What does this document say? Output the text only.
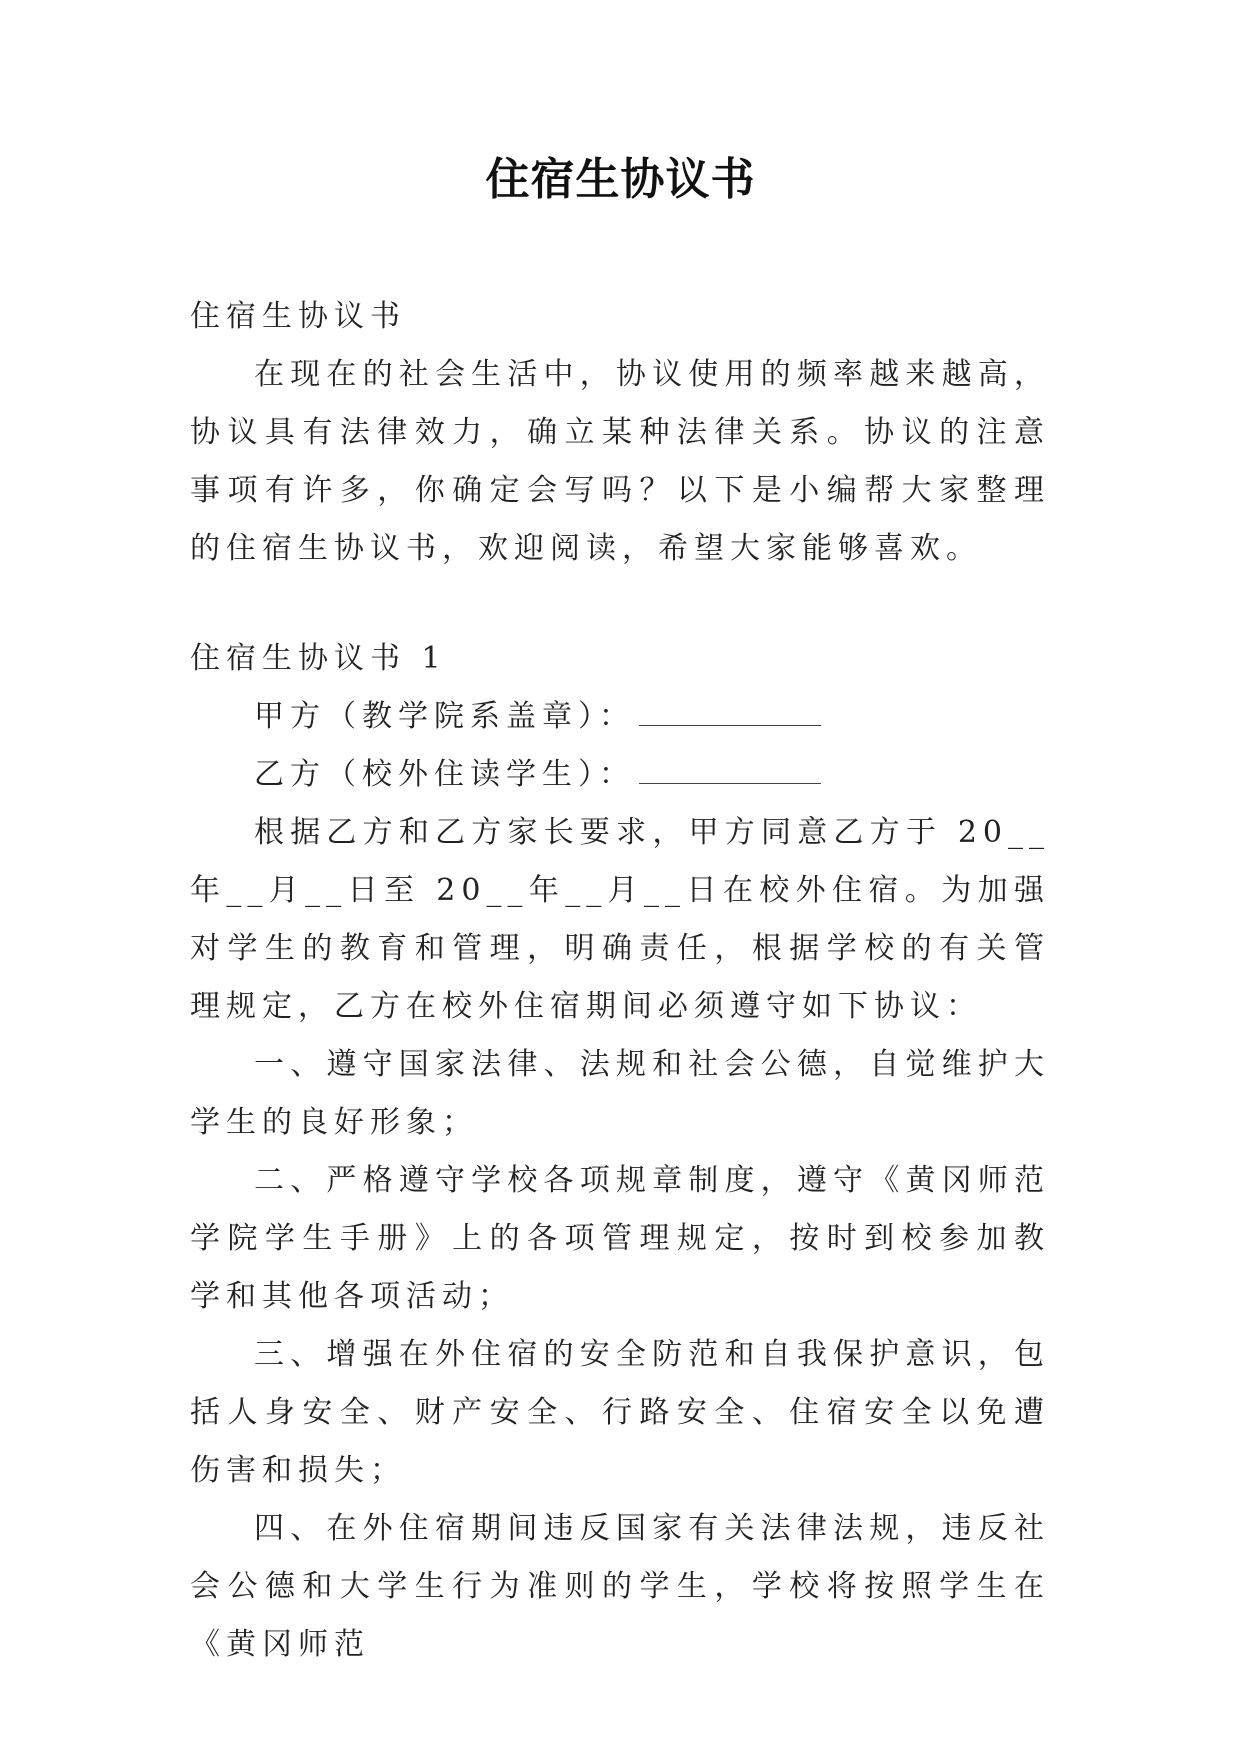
住宿生协议书

住宿生协议书

在现在的社会生活中，协议使用的频率越来越高，协议具有法律效力，确立某种法律关系。协议的注意事项有许多，你确定会写吗？以下是小编帮大家整理的住宿生协议书，欢迎阅读，希望大家能够喜欢。

住宿生协议书 1

甲方（教学院系盖章）：

乙方（校外住读学生）：

根据乙方和乙方家长要求，甲方同意乙方于 20__年__月__日至 20__年__月__日在校外住宿。为加强对学生的教育和管理，明确责任，根据学校的有关管理规定，乙方在校外住宿期间必须遵守如下协议：

一、遵守国家法律、法规和社会公德，自觉维护大学生的良好形象；

二、严格遵守学校各项规章制度，遵守《黄冈师范学院学生手册》上的各项管理规定，按时到校参加教学和其他各项活动；

三、增强在外住宿的安全防范和自我保护意识，包括人身安全、财产安全、行路安全、住宿安全以免遭伤害和损失；

四、在外住宿期间违反国家有关法律法规，违反社会公德和大学生行为准则的学生，学校将按照学生在《黄冈师范
